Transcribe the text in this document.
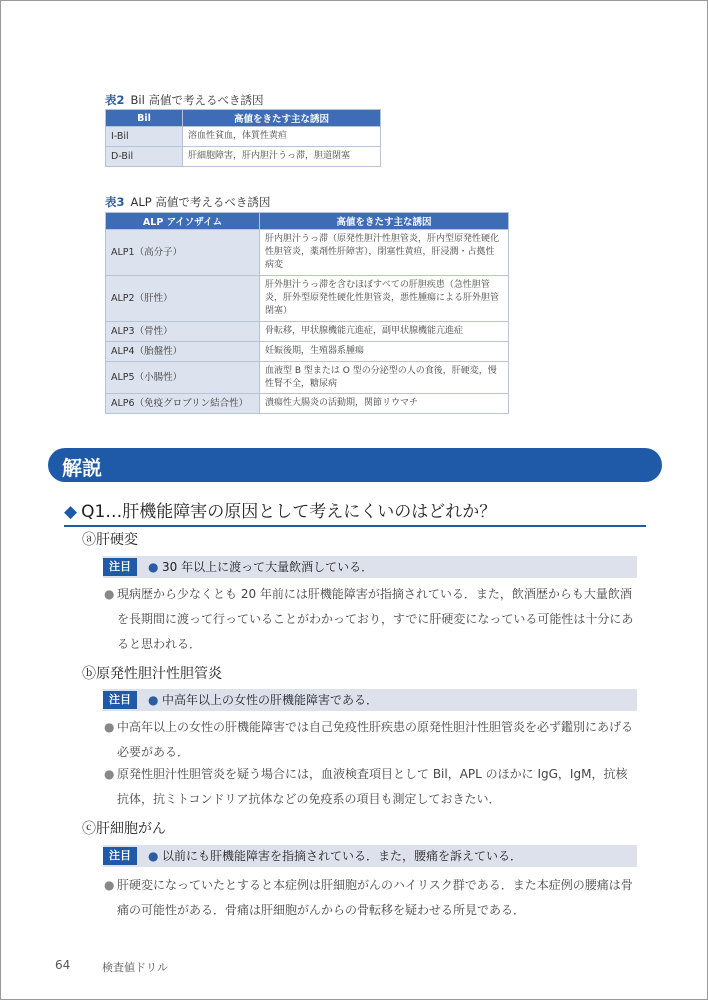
表2 Bil 高値で考えるべき誘因
Bil	高値をきたす主な誘因
I-Bil	溶血性貧血，体質性黄疸
D-Bil	肝細胞障害，肝内胆汁うっ滞，胆道閉塞
表3 ALP 高値で考えるべき誘因
ALP アイソザイム	高値をきたす主な誘因
ALP1（高分子）	肝内胆汁うっ滞（原発性胆汁性胆管炎，肝内型原発性硬化性胆管炎，薬剤性肝障害），閉塞性黄疸，肝浸潤・占拠性病変
ALP2（肝性）	肝外胆汁うっ滞を含むほぼすべての肝胆疾患（急性胆管炎，肝外型原発性硬化性胆管炎，悪性腫瘍による肝外胆管閉塞）
ALP3（骨性）	骨転移，甲状腺機能亢進症，副甲状腺機能亢進症
ALP4（胎盤性）	妊娠後期，生殖器系腫瘍
ALP5（小腸性）	血液型 B 型または O 型の分泌型の人の食後，肝硬変，慢性腎不全，糖尿病
ALP6（免疫グロブリン結合性）	潰瘍性大腸炎の活動期，関節リウマチ
解説
◆ Q1…肝機能障害の原因として考えにくいのはどれか？
ⓐ肝硬変
注目	● 30 年以上に渡って大量飲酒している．
● 現病歴から少なくとも 20 年前には肝機能障害が指摘されている．また，飲酒歴からも大量飲酒を長期間に渡って行っていることがわかっており，すでに肝硬変になっている可能性は十分にあると思われる．
ⓑ原発性胆汁性胆管炎
注目	● 中高年以上の女性の肝機能障害である．
● 中高年以上の女性の肝機能障害では自己免疫性肝疾患の原発性胆汁性胆管炎を必ず鑑別にあげる必要がある．
● 原発性胆汁性胆管炎を疑う場合には，血液検査項目として Bil，APL のほかに IgG，IgM，抗核抗体，抗ミトコンドリア抗体などの免疫系の項目も測定しておきたい．
ⓒ肝細胞がん
注目	● 以前にも肝機能障害を指摘されている．また，腰痛を訴えている．
● 肝硬変になっていたとすると本症例は肝細胞がんのハイリスク群である．また本症例の腰痛は骨痛の可能性がある．骨痛は肝細胞がんからの骨転移を疑わせる所見である．
64	検査値ドリル
